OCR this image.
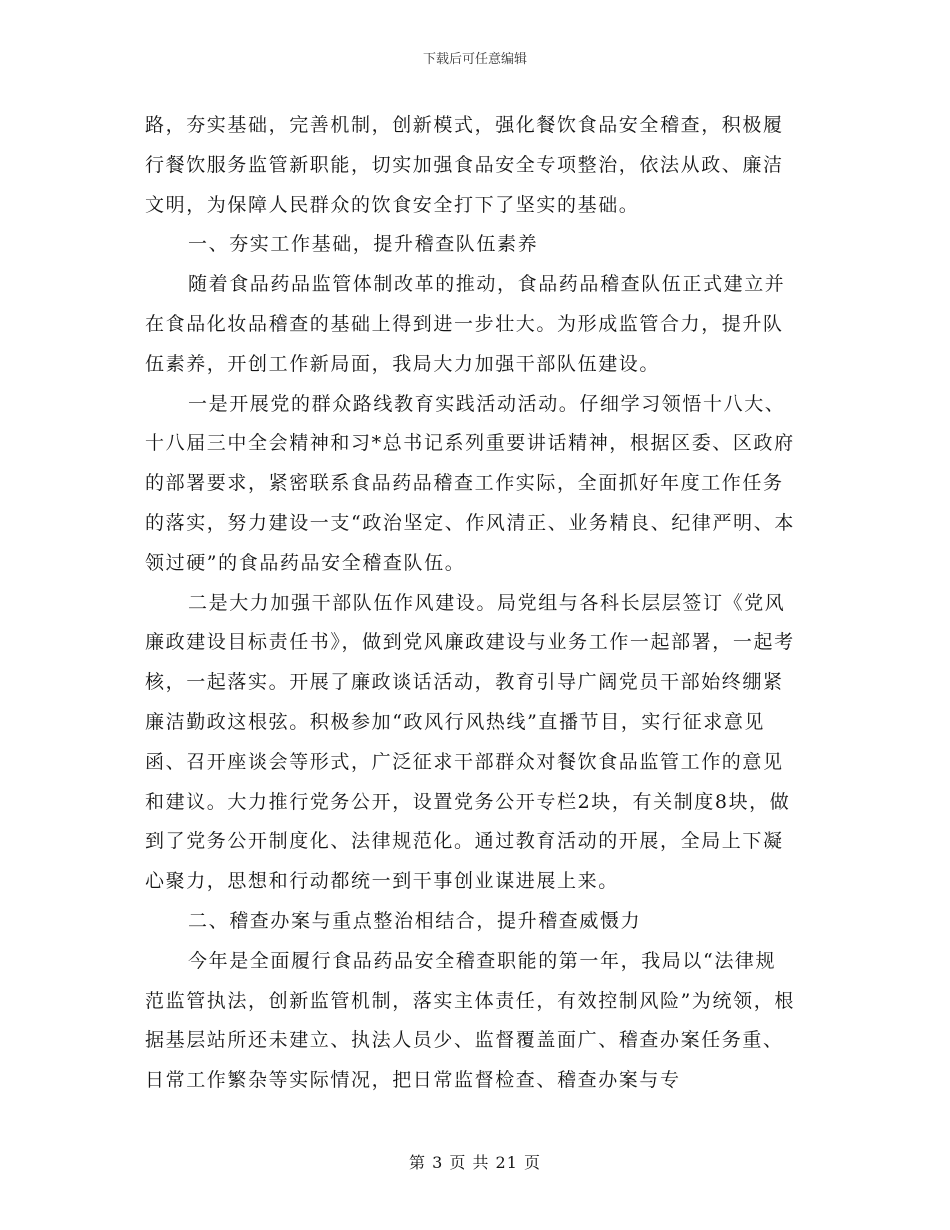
下载后可任意编辑

路，夯实基础，完善机制，创新模式，强化餐饮食品安全稽查，积极履行餐饮服务监管新职能，切实加强食品安全专项整治，依法从政、廉洁文明，为保障人民群众的饮食安全打下了坚实的基础。

一、夯实工作基础，提升稽查队伍素养

随着食品药品监管体制改革的推动，食品药品稽查队伍正式建立并在食品化妆品稽查的基础上得到进一步壮大。为形成监管合力，提升队伍素养，开创工作新局面，我局大力加强干部队伍建设。

一是开展党的群众路线教育实践活动活动。仔细学习领悟十八大、十八届三中全会精神和习*总书记系列重要讲话精神，根据区委、区政府的部署要求，紧密联系食品药品稽查工作实际，全面抓好年度工作任务的落实，努力建设一支“政治坚定、作风清正、业务精良、纪律严明、本领过硬”的食品药品安全稽查队伍。

二是大力加强干部队伍作风建设。局党组与各科长层层签订《党风廉政建设目标责任书》，做到党风廉政建设与业务工作一起部署，一起考核，一起落实。开展了廉政谈话活动，教育引导广阔党员干部始终绷紧廉洁勤政这根弦。积极参加“政风行风热线”直播节目，实行征求意见函、召开座谈会等形式，广泛征求干部群众对餐饮食品监管工作的意见和建议。大力推行党务公开，设置党务公开专栏2块，有关制度8块，做到了党务公开制度化、法律规范化。通过教育活动的开展，全局上下凝心聚力，思想和行动都统一到干事创业谋进展上来。

二、稽查办案与重点整治相结合，提升稽查威慑力

今年是全面履行食品药品安全稽查职能的第一年，我局以“法律规范监管执法，创新监管机制，落实主体责任，有效控制风险”为统领，根据基层站所还未建立、执法人员少、监督覆盖面广、稽查办案任务重、日常工作繁杂等实际情况，把日常监督检查、稽查办案与专

第 3 页 共 21 页
